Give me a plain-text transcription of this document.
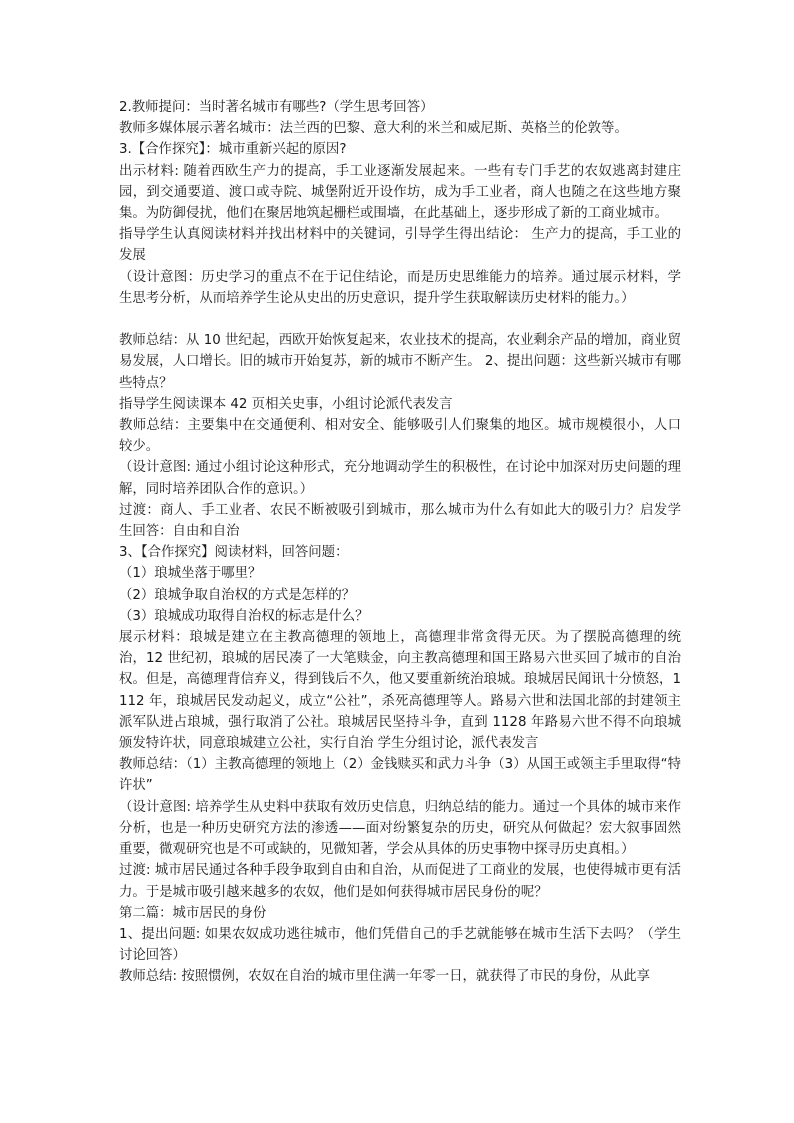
2.教师提问：当时著名城市有哪些?（学生思考回答）

教师多媒体展示著名城市：法兰西的巴黎、意大利的米兰和威尼斯、英格兰的伦敦等。

3.【合作探究】：城市重新兴起的原因?

出示材料: 随着西欧生产力的提高，手工业逐渐发展起来。一些有专门手艺的农奴逃离封建庄园，到交通要道、渡口或寺院、城堡附近开设作坊，成为手工业者，商人也随之在这些地方聚集。为防御侵扰，他们在聚居地筑起栅栏或围墙，在此基础上，逐步形成了新的工商业城市。

指导学生认真阅读材料并找出材料中的关键词，引导学生得出结论： 生产力的提高，手工业的发展

（设计意图：历史学习的重点不在于记住结论，而是历史思维能力的培养。通过展示材料，学生思考分析，从而培养学生论从史出的历史意识，提升学生获取解读历史材料的能力。）

教师总结：从 10 世纪起，西欧开始恢复起来，农业技术的提高，农业剩余产品的增加，商业贸易发展，人口增长。旧的城市开始复苏，新的城市不断产生。 2、提出问题：这些新兴城市有哪些特点？

指导学生阅读课本 42 页相关史事，小组讨论派代表发言

教师总结：主要集中在交通便利、相对安全、能够吸引人们聚集的地区。城市规模很小，人口较少。

（设计意图: 通过小组讨论这种形式，充分地调动学生的积极性，在讨论中加深对历史问题的理解，同时培养团队合作的意识。）

过渡：商人、手工业者、农民不断被吸引到城市，那么城市为什么有如此大的吸引力？启发学生回答：自由和自治

3、【合作探究】阅读材料，回答问题：

（1）琅城坐落于哪里？

（2）琅城争取自治权的方式是怎样的？

（3）琅城成功取得自治权的标志是什么？

展示材料：琅城是建立在主教高德理的领地上，高德理非常贪得无厌。为了摆脱高德理的统治，12 世纪初，琅城的居民凑了一大笔赎金，向主教高德理和国王路易六世买回了城市的自治权。但是，高德理背信弃义，得到钱后不久，他又要重新统治琅城。琅城居民闻讯十分愤怒，1112 年，琅城居民发动起义，成立“公社”，杀死高德理等人。路易六世和法国北部的封建领主派军队进占琅城，强行取消了公社。琅城居民坚持斗争，直到 1128 年路易六世不得不向琅城颁发特许状，同意琅城建立公社，实行自治 学生分组讨论，派代表发言

教师总结：（1）主教高德理的领地上（2）金钱赎买和武力斗争（3）从国王或领主手里取得“特许状”

（设计意图: 培养学生从史料中获取有效历史信息，归纳总结的能力。通过一个具体的城市来作分析，也是一种历史研究方法的渗透——面对纷繁复杂的历史，研究从何做起？宏大叙事固然重要，微观研究也是不可或缺的，见微知著，学会从具体的历史事物中探寻历史真相。）

过渡: 城市居民通过各种手段争取到自由和自治，从而促进了工商业的发展，也使得城市更有活力。于是城市吸引越来越多的农奴，他们是如何获得城市居民身份的呢？

第二篇：城市居民的身份

1、提出问题: 如果农奴成功逃往城市，他们凭借自己的手艺就能够在城市生活下去吗？（学生讨论回答）

教师总结: 按照惯例，农奴在自治的城市里住满一年零一日，就获得了市民的身份，从此享
